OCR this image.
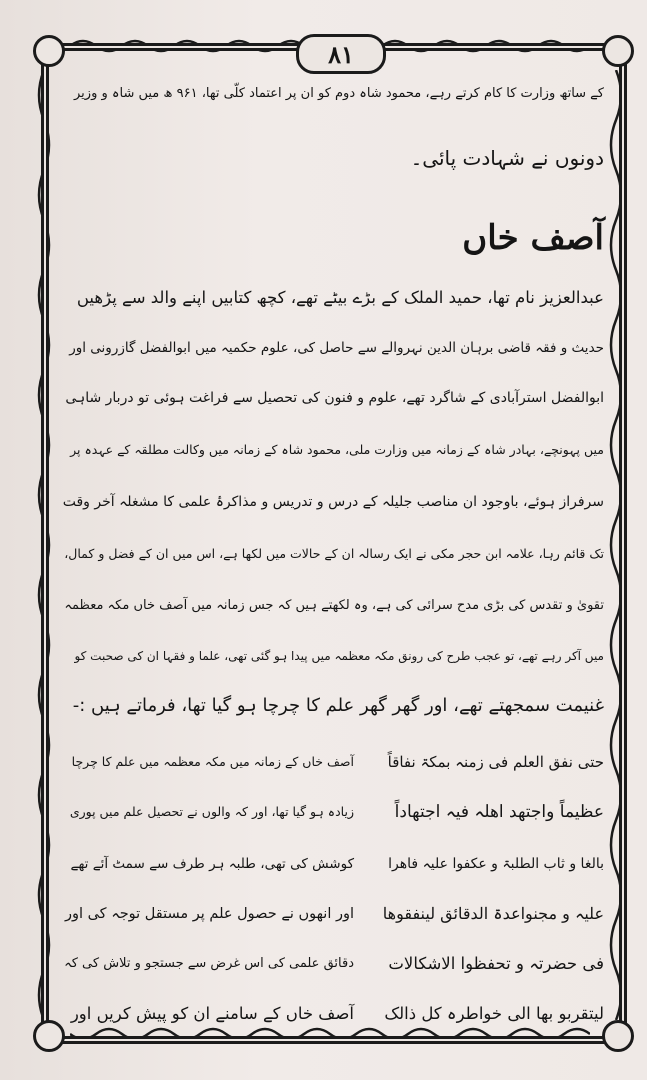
۸۱
کے ساتھ وزارت کا کام کرتے رہے، محمود شاہ دوم کو ان پر اعتماد کلّی تھا، ۹۶۱ ھ میں شاہ و وزیر
دونوں نے شہادت پائی۔
آصف خاں
عبدالعزیز نام تھا، حمید الملک کے بڑے بیٹے تھے، کچھ کتابیں اپنے والد سے پڑھیں
حدیث و فقہ قاضی برہان الدین نہروالے سے حاصل کی، علوم حکمیہ میں ابوالفضل گازرونی اور
ابوالفضل استرآبادی کے شاگرد تھے، علوم و فنون کی تحصیل سے فراغت ہوئی تو دربار شاہی
میں پہونچے، بہادر شاہ کے زمانہ میں وزارت ملی، محمود شاہ کے زمانہ میں وکالت مطلقہ کے عہدہ پر
سرفراز ہوئے، باوجود ان مناصب جلیلہ کے درس و تدریس و مذاکرۂ علمی کا مشغلہ آخر وقت
تک قائم رہا، علامہ ابن حجر مکی نے ایک رسالہ ان کے حالات میں لکھا ہے، اس میں ان کے فضل و کمال،
تقویٰ و تقدس کی بڑی مدح سرائی کی ہے، وہ لکھتے ہیں کہ جس زمانہ میں آصف خاں مکہ معظمہ
میں آکر رہے تھے، تو عجب طرح کی رونق مکہ معظمہ میں پیدا ہو گئی تھی، علما و فقہا ان کی صحبت کو
غنیمت سمجھتے تھے، اور گھر گھر علم کا چرچا ہو گیا تھا، فرماتے ہیں :-
حتی نفق العلم فی زمنہ بمکۃ نفاقاً
آصف خاں کے زمانہ میں مکہ معظمہ میں علم کا چرچا
عظیماً واجتھد اھلہ فیہ اجتھاداً
زیادہ ہو گیا تھا، اور کہ والوں نے تحصیل علم میں پوری
بالغا و ثاب الطلبۃ و عکفوا علیہ فاھرا
کوشش کی تھی، طلبہ ہر طرف سے سمٹ آئے تھے
علیہ و مجنواعدۃ الدقائق لینفقوھا
اور انھوں نے حصول علم پر مستقل توجہ کی اور
فی حضرتہ و تحفظوا الاشکالات
دقائق علمی کی اس غرض سے جستجو و تلاش کی کہ
لیتقربو بھا الی خواطرہ کل ذالک
آصف خاں کے سامنے ان کو پیش کریں اور
